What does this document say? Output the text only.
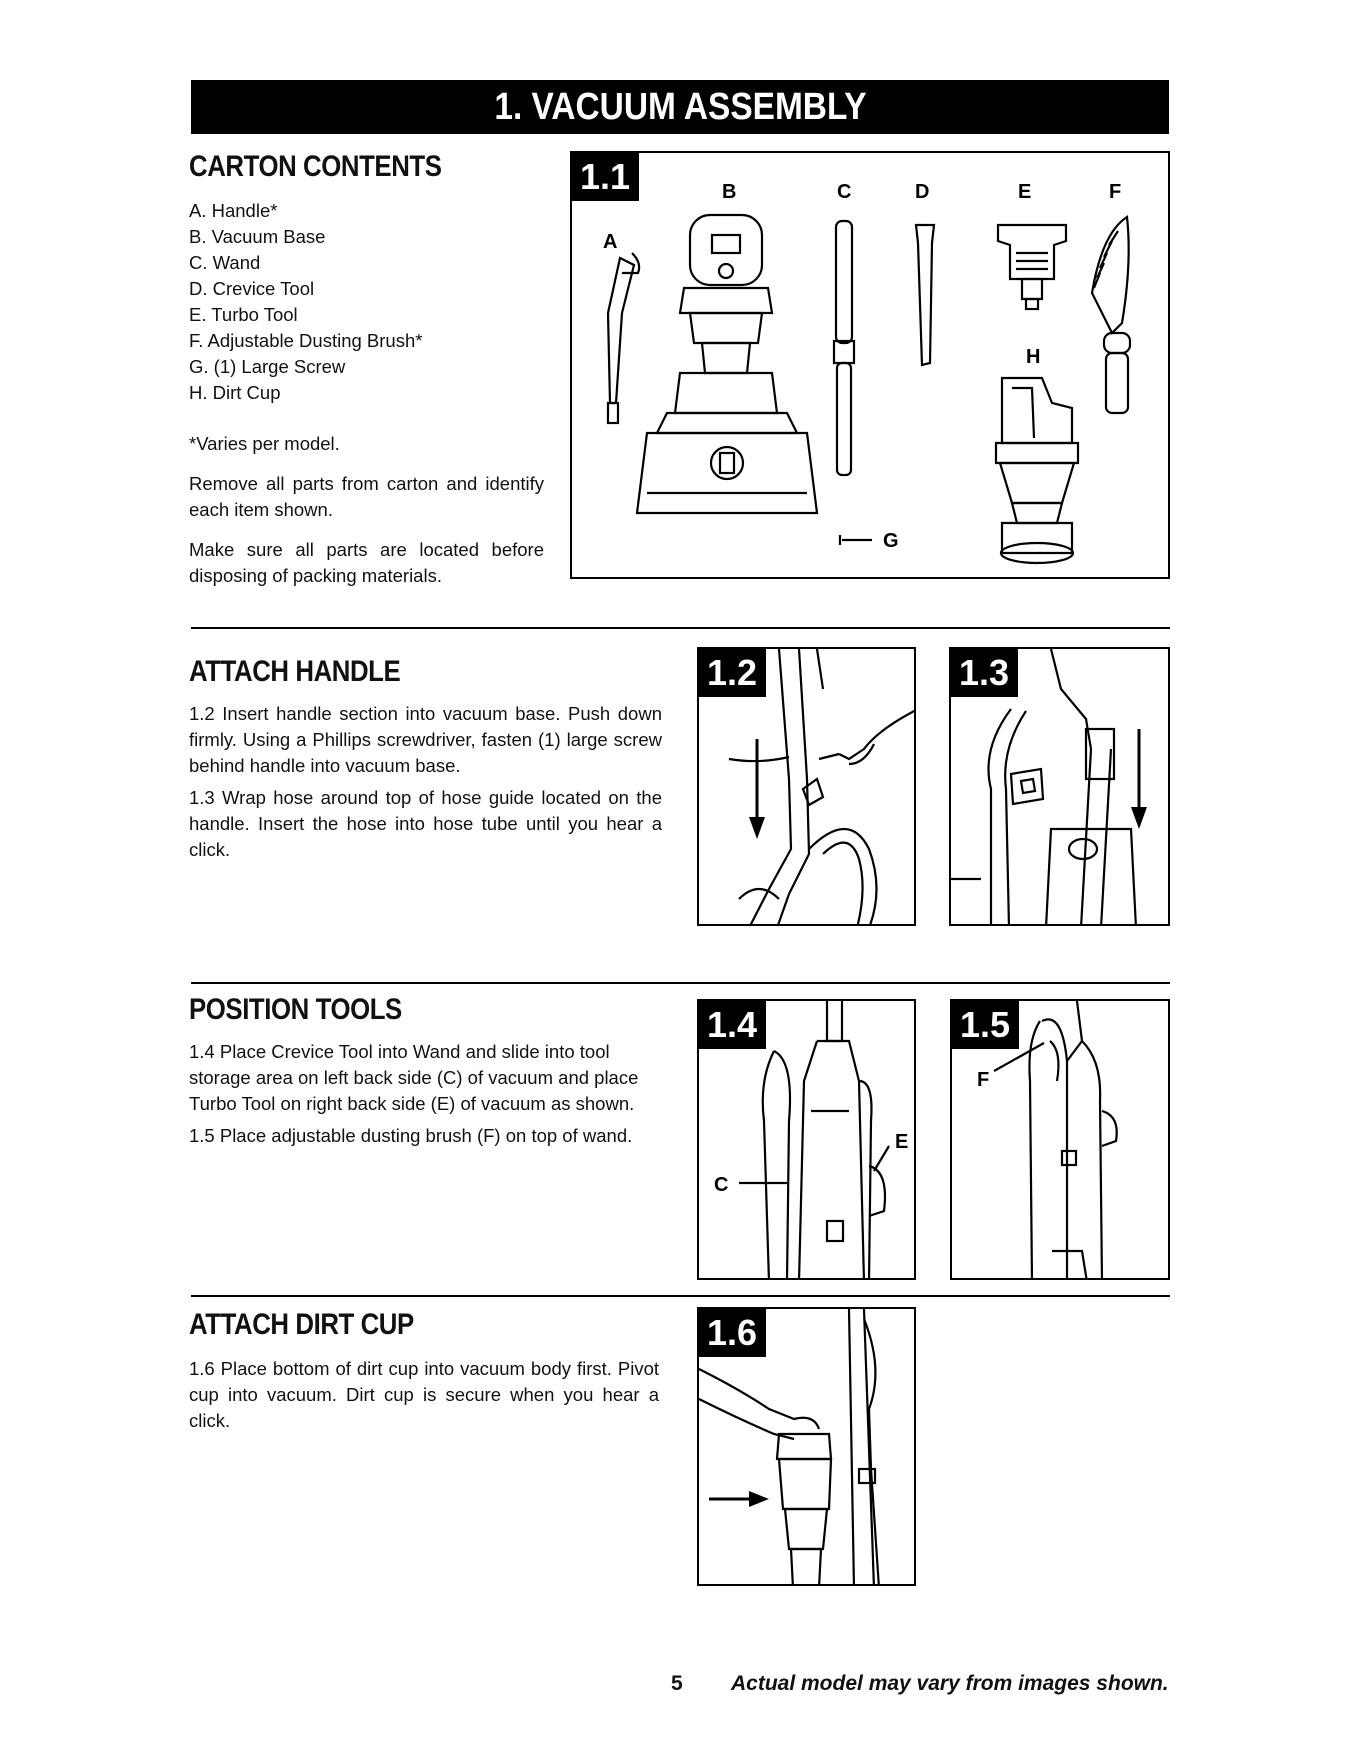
1. VACUUM ASSEMBLY
CARTON CONTENTS

A. Handle*

B. Vacuum Base

C. Wand

D. Crevice Tool

E. Turbo Tool

F. Adjustable Dusting Brush*

G. (1) Large Screw

H. Dirt Cup

*Varies per model.

Remove all parts from carton and identify each item shown.

Make sure all parts are located before disposing of packing materials.

A
B	C	D	E	F
G
H
1.1
ATTACH HANDLE

1.2 Insert handle section into vacuum base. Push down firmly. Using a Phillips screwdriver, fasten (1) large screw behind handle into vacuum base.

1.3 Wrap hose around top of hose guide located on the handle. Insert the hose into hose tube until you hear a click.

1.2	1.3
POSITION TOOLS

1.4 Place Crevice Tool into Wand and slide into tool storage area on left back side (C) of vacuum and place Turbo Tool on right back side (E) of vacuum as shown.

1.5 Place adjustable dusting brush (F) on top of wand.

C
E
1.4
F
1.5
ATTACH DIRT CUP

1.6 Place bottom of dirt cup into vacuum body first. Pivot cup into vacuum. Dirt cup is secure when you hear a click.

1.6
5 Actual model may vary from images shown.
